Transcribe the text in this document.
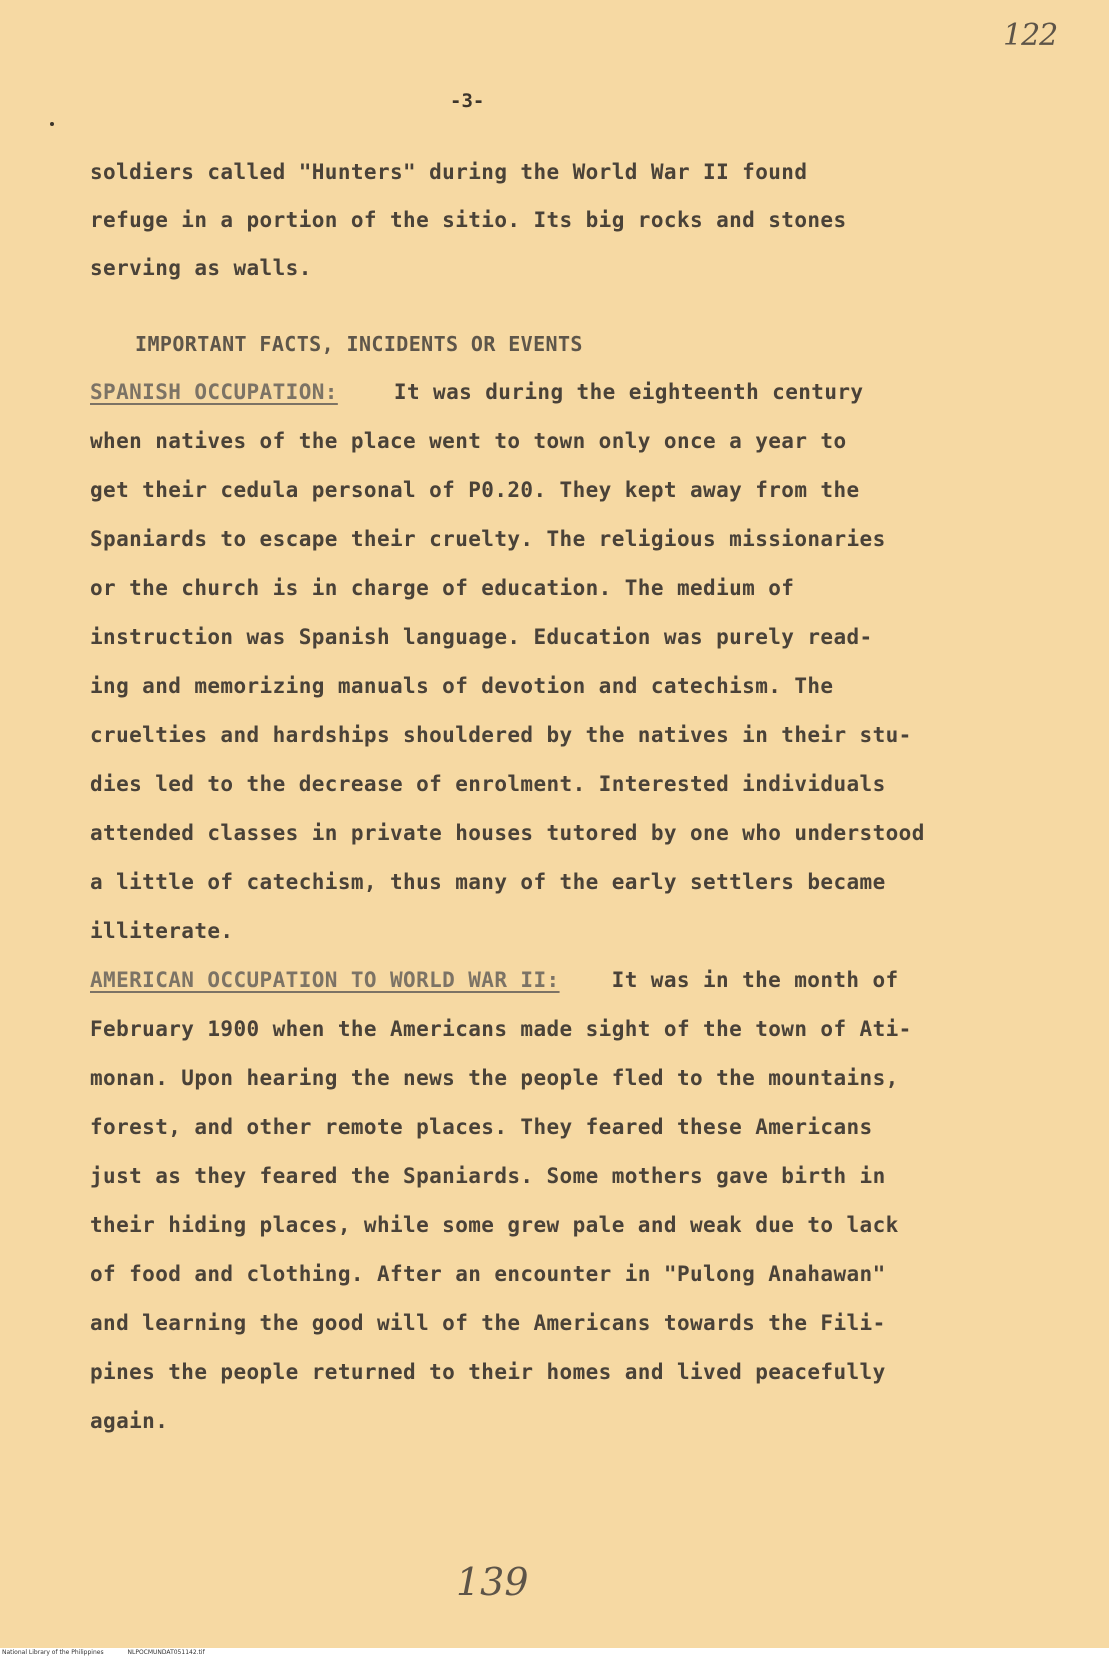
122
-3-
soldiers called "Hunters" during the World War II found
refuge in a portion of the sitio. Its big rocks and stones
serving as walls.
IMPORTANT FACTS, INCIDENTS OR EVENTS
SPANISH OCCUPATION:	It was during the eighteenth century
when natives of the place went to town only once a year to
get their cedula personal of P0.20. They kept away from the
Spaniards to escape their cruelty. The religious missionaries
or the church is in charge of education. The medium of
instruction was Spanish language. Education was purely read-
ing and memorizing manuals of devotion and catechism. The
cruelties and hardships shouldered by the natives in their stu-
dies led to the decrease of enrolment. Interested individuals
attended classes in private houses tutored by one who understood
a little of catechism, thus many of the early settlers became
illiterate.
AMERICAN OCCUPATION TO WORLD WAR II: It was in the month of
February 1900 when the Americans made sight of the town of Ati-
monan. Upon hearing the news the people fled to the mountains,
forest, and other remote places. They feared these Americans
just as they feared the Spaniards. Some mothers gave birth in
their hiding places, while some grew pale and weak due to lack
of food and clothing. After an encounter in "Pulong Anahawan"
and learning the good will of the Americans towards the Fili-
pines the people returned to their homes and lived peacefully
again.
139
National Library of the Philippines	NLPOCMUNDAT051142.tif
